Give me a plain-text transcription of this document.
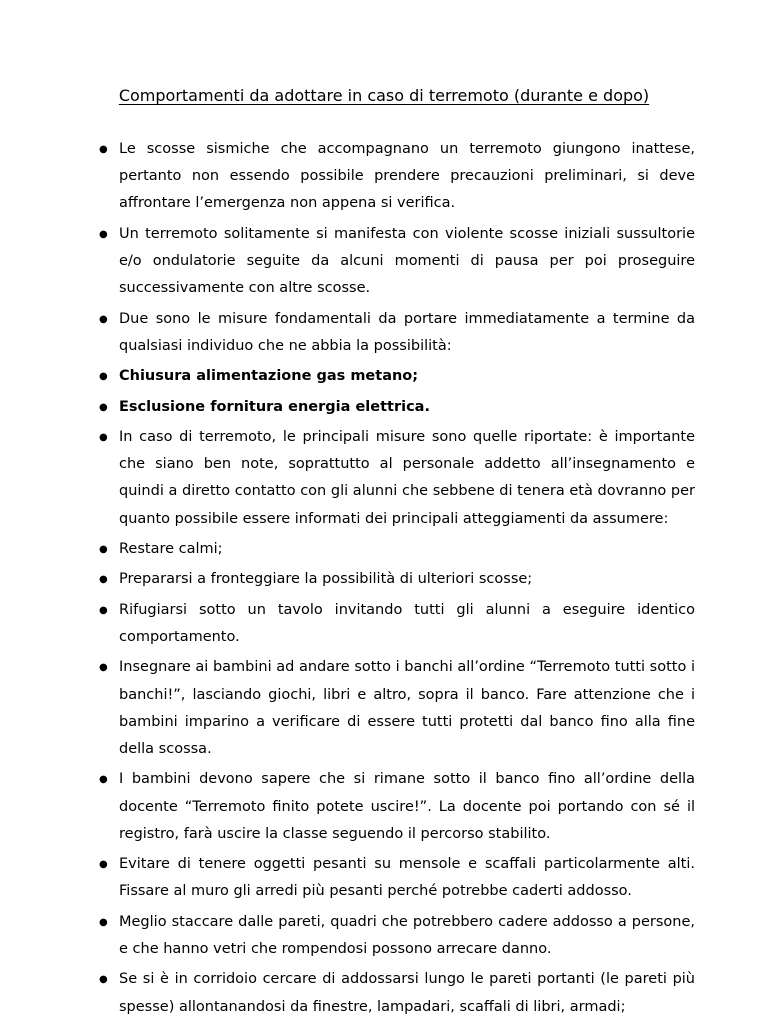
Comportamenti da adottare in caso di terremoto (durante e dopo)
● Le scosse sismiche che accompagnano un terremoto giungono inattese, pertanto non essendo possibile prendere precauzioni preliminari, si deve affrontare l’emergenza non appena si verifica.
● Un terremoto solitamente si manifesta con violente scosse iniziali sussultorie e/o ondulatorie seguite da alcuni momenti di pausa per poi proseguire successivamente con altre scosse.
● Due sono le misure fondamentali da portare immediatamente a termine da qualsiasi individuo che ne abbia la possibilità:
● Chiusura alimentazione gas metano;
● Esclusione fornitura energia elettrica.
● In caso di terremoto, le principali misure sono quelle riportate: è importante che siano ben note, soprattutto al personale addetto all’insegnamento e quindi a diretto contatto con gli alunni che sebbene di tenera età dovranno per quanto possibile essere informati dei principali atteggiamenti da assumere:
● Restare calmi;
● Prepararsi a fronteggiare la possibilità di ulteriori scosse;
● Rifugiarsi sotto un tavolo invitando tutti gli alunni a eseguire identico comportamento.
● Insegnare ai bambini ad andare sotto i banchi all’ordine “Terremoto tutti sotto i banchi!”, lasciando giochi, libri e altro, sopra il banco. Fare attenzione che i bambini imparino a verificare di essere tutti protetti dal banco fino alla fine della scossa.
● I bambini devono sapere che si rimane sotto il banco fino all’ordine della docente “Terremoto finito potete uscire!”. La docente poi portando con sé il registro, farà uscire la classe seguendo il percorso stabilito.
● Evitare di tenere oggetti pesanti su mensole e scaffali particolarmente alti. Fissare al muro gli arredi più pesanti perché potrebbe caderti addosso.
● Meglio staccare dalle pareti, quadri che potrebbero cadere addosso a persone, e che hanno vetri che rompendosi possono arrecare danno.
● Se si è in corridoio cercare di addossarsi lungo le pareti portanti (le pareti più spesse) allontanandosi da finestre, lampadari, scaffali di libri, armadi;
